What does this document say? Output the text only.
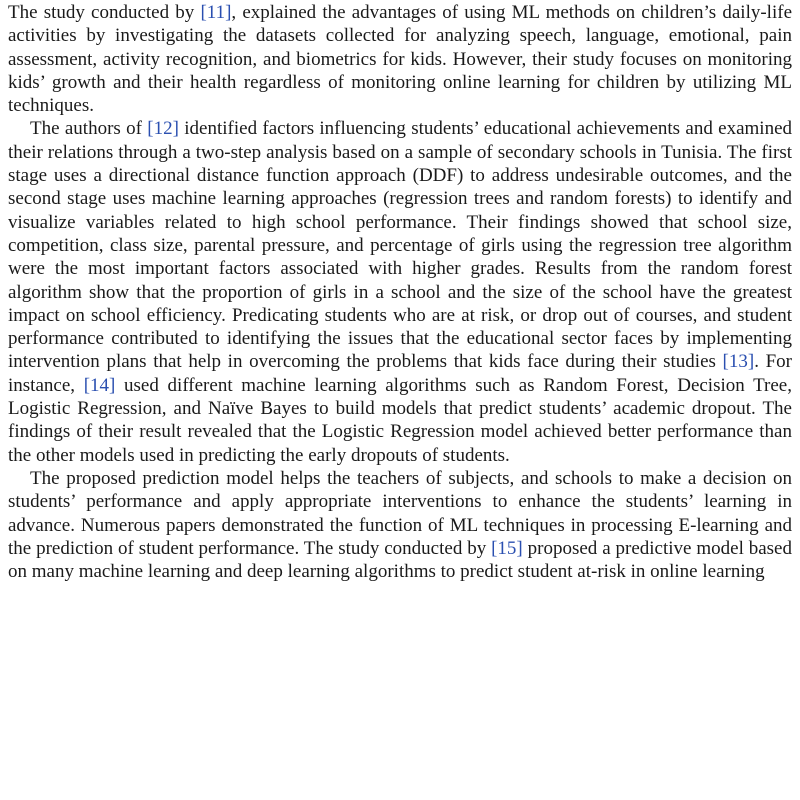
The study conducted by [11], explained the advantages of using ML methods on children’s daily-life activities by investigating the datasets collected for analyzing speech, language, emotional, pain assessment, activity recognition, and biometrics for kids. However, their study focuses on monitoring kids’ growth and their health regardless of monitoring online learning for children by utilizing ML techniques.

The authors of [12] identified factors influencing students’ educational achievements and examined their relations through a two-step analysis based on a sample of secondary schools in Tunisia. The first stage uses a directional distance function approach (DDF) to address undesirable outcomes, and the second stage uses machine learning approaches (regression trees and random forests) to identify and visualize variables related to high school performance. Their findings showed that school size, competition, class size, parental pressure, and percentage of girls using the regression tree algorithm were the most important factors associated with higher grades. Results from the random forest algorithm show that the proportion of girls in a school and the size of the school have the greatest impact on school efficiency. Predicating students who are at risk, or drop out of courses, and student performance contributed to identifying the issues that the educational sector faces by implementing intervention plans that help in overcoming the problems that kids face during their studies [13]. For instance, [14] used different machine learning algorithms such as Random Forest, Decision Tree, Logistic Regression, and Naïve Bayes to build models that predict students’ academic dropout. The findings of their result revealed that the Logistic Regression model achieved better performance than the other models used in predicting the early dropouts of students.

The proposed prediction model helps the teachers of subjects, and schools to make a decision on students’ performance and apply appropriate interventions to enhance the students’ learning in advance. Numerous papers demonstrated the function of ML techniques in processing E-learning and the prediction of student performance. The study conducted by [15] proposed a predictive model based on many machine learning and deep learning algorithms to predict student at-risk in online learning
